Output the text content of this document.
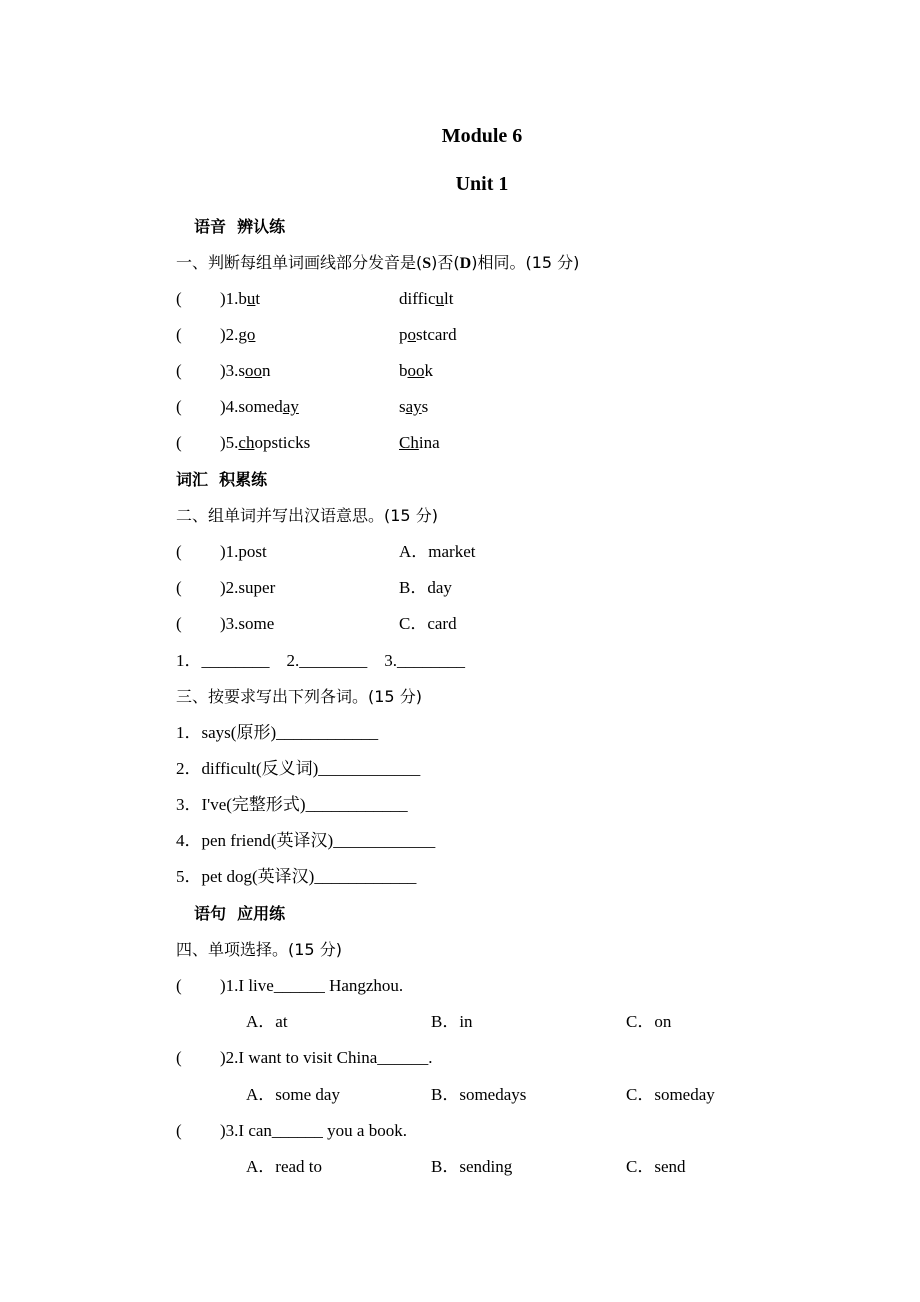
Module 6
Unit 1
语音  辨认练
一、判断每组单词画线部分发音是(S)否(D)相同。(15 分)
( )1.but	difficult
( )2.go	postcard
( )3.soon	book
( )4.someday	says
( )5.chopsticks	China
词汇  积累练
二、组单词并写出汉语意思。(15 分)
( )1.post	A．market
( )2.super	B．day
( )3.some	C．card
1．________    2.________    3.________
三、按要求写出下列各词。(15 分)
1．says(原形)____________
2．difficult(反义词)____________
3．I've(完整形式)____________
4．pen friend(英译汉)____________
5．pet dog(英译汉)____________
语句  应用练
四、单项选择。(15 分)
( )1.I live______ Hangzhou.
A．at	B．in	C．on
( )2.I want to visit China______.
A．some day	B．somedays	C．someday
( )3.I can______ you a book.
A．read to	B．sending	C．send
